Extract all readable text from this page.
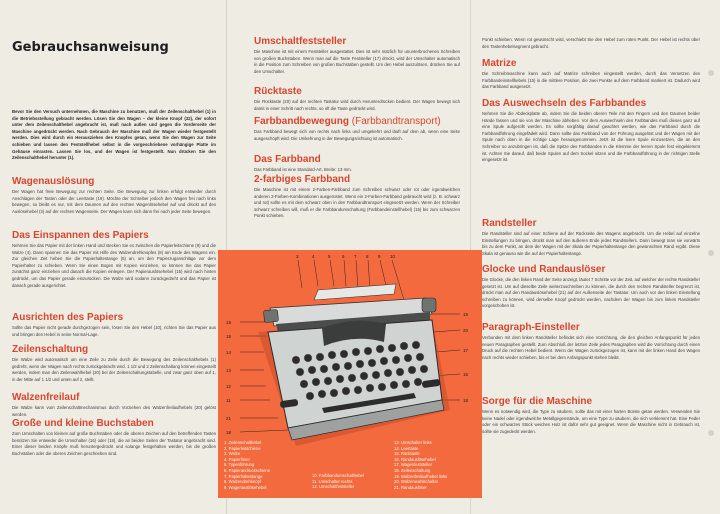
Gebrauchsanweisung

Bevor Sie den Versuch unternehmen, die Maschine zu benutzen, muß der Zeilenschalthebel (1) in die Betriebsstellung gebracht werden. Lösen Sie den Wagen – der kleine Knopf (32), der sofort unter dem Zeilenschalthebel angebracht ist, muß nach außen und gegen die Vorderseite der Maschine angedrückt werden. Nach Gebrauch der Maschine muß der Wagen wieder festgestellt werden. Dies wird durch ein Herausziehen des Knopfes getan, wenn Sie den Wagen zur Seite schieben und lassen den Feststellhebel selbst in die vorgeschriebene vorhängige Platte im Gehäuse einrasten. Lassen Sie los, und der Wagen ist festgestellt. Nun drücken Sie den Zeilenschalthebel herunter (1).

Wagenauslösung

Der Wagen hat freie Bewegung zur rechten Seite. Die Bewegung zur linken erfolgt entweder durch Anschlagen der Tasten oder der Leertaste (19). Möchte der Schreiber jedoch den Wagen frei nach links bewegen, so bleibt es nur, mit dem Daumen auf den rechten Wagenlösehebel auf und drückt auf den Auslösehebel (3) auf der rechten Wagenseite. Der Wagen kann sich dann frei nach jeder Seite bewegen.

Das Einspannen des Papiers

Nehmen Sie das Papier mit der linken Hand und stecken Sie es zwischen die Papierleitschiene (9) und die Walze (4). Dann spannen Sie das Papier mit Hilfe des Walzendrehknopfes (8) am Ende des Wagens ein. Zur gleichen Zeit heben Sie die Papierhaltestange (5) an, um den Papierzuganschläge vor dem Papierhalter zu schieben. Wenn Sie einen Bogen mit Kopien einziehen, so können Sie das Papier zunächst ganz einziehen und danach die Kopien einlegen. Der Papierauslösehebel (15) wird nach hinten gedrückt, um das Papier gerade einzurücken. Die Walze wird sodann zurückgedreht und das Papier ist danach gerade ausgerichtet.

Ausrichten des Papiers

Sollte das Papier nicht gerade durchgezogen sein, lösen Sie den Hebel (10), richten Sie das Papier aus und bringen den Hebel in seine Normal-Lage.

Zeilenschaltung

Die Walze wird automatisch um eine Zeile zu Zeile durch die Bewegung des Zeilenschalthebels (1) gedreht, wenn der Wagen nach rechts zurückgebracht wird. 1 1/2 und 2 Zeilenschaltung können eingestellt werden, indem man den Zeilenwahlhebel (20) bei der Zeilenschaltungstabelle, und zwar ganz oben auf 1, in der Mitte auf 1 1/2 und unten auf 2, stellt.

Walzenfreilauf

Die Walze kann vom Zeilenschaltmechanismus durch Vorziehen des Walzenfreilaufhebels (20) gelöst werden.

Große und kleine Buchstaben

Zum Umschalten von kleinen auf große Buchstaben oder die oberen Zeichen auf den betreffenden Tasten benützen Sie entweder die Umschalter (16) oder (18), die an beiden Seiten der Tastatur angebracht sind. Einer dieser beiden Knöpfe muß heruntergedrückt und solange festgehalten werden, bis die großen Buchstaben oder die oberen Zeichen geschrieben sind.

Umschaltfeststeller

Die Maschine ist mit einem Feststeller ausgestattet. Dies ist sehr nützlich für ununterbrochenes Schreiben von großen Buchstaben. Wenn man auf die Taste Feststeller (17) drückt, wird der Umschalter automatisch in die Position zum Schreiben von großen Buchstaben gestellt. Um den Hebel auszulösen, drücken Sie auf den Umschalter.

Rücktaste

Die Rücktaste (20) auf der rechten Tastatur wird durch Herunterdrücken bedient. Der Wagen bewegt sich damit in einer Schritt nach rechts, so oft die Taste gedrückt wird.

Farbbandbewegung (Farbbandtransport)

Das Farbband bewegt sich von rechts nach links und umgekehrt und läuft auf dem ab, wenn eine Seite ausgeschöpft wird. Die Umkehrung in der Bewegungsrichtung ist automatisch.

Das Farbband

Das Farbband ist eine Standard-Art, Breite: 13 mm.

2-farbiges Farbband

Die Maschine ist mit einem 2-Farben-Farbband zum Schreiben schwarz oder rot oder irgendwelchen anderen 2-Farben-Kombinationen ausgerüstet. Wenn ein 2-Farben-Farbband gebraucht wird (z. B. schwarz und rot) sollte es mit dem schwarz oben in den Farbbandtransport eingesetzt werden. Wenn der Schreiber schwarz schreiben will, muß er die Farbbandumschaltung (Farbbandeinstellhebel) (15) bis zum schwarzen Punkt schieben.

3	4	5	6 7 8 9 10
18
15
14
13
12
11
21
18
19
20
17
16
18
1. Zeilenschalthebel
2. Papierleitschiene
3. Walze
4. Papierlöser
5. Typenführung
6. Papierandruckschiene
7. Papierhaltestange
8. Walzendrehknopf
9. Wagenauslösehebel
10. Farbbandumschalthebel
11. Umschalter rechts
12. Umschaltfeststeller
13. Umschalter links
14. Leertaste
15. Rücktaste
16. Randauslösehebel
17. Wagenfeststeller
18. Zeilenschaltung
19. Walzenfreilaufhebel links
20. Walzenwahlschalter
21. Randauslöser

Punkt schieben. Wenn rot gewünscht wird, verschiebt Sie den Hebel zum roten Punkt. Der Hebel ist rechts über den Tastenhebelsegment gebracht.

Matrize

Die Schreibmaschine kann auch auf Matrize schreiben eingestellt werden, durch das Versetzen des Farbbandeinstellhebels (15) in die mittlere Position, die zwei Punkte auf dem Farbband markiert ist. Dadurch wird das Farbband ausgesetzt.

Das Auswechseln des Farbbandes

Nehmen Sie die Abdeckplatte ab, indem Sie die beiden oberen Teile mit den Fingern und den Daumen beider Hände fassen und sie von der Maschine abheben. Vor dem Auswechseln des Farbbandes muß dieses ganz auf eine Spule aufgerollt werden. Es sollte sorgfältig darauf geachtet werden, wie das Farbband durch die Farbbandführung eingefädelt wird. Dann sollte das Farbband von der Führung ausgelöst und der Wagen mit der Spule nach oben in die richtige Lage herausgenommen. Jetzt ist die leere Spule einzusetzen, die an den Schreiber so anzubringen ist, daß die Spitze des Farbbandes in die Klemme der leeren Spule fest eingeklemmt ist. Achten Sie darauf, daß beide Spulen auf dem Sockel sitzen und die Farbbandführung in der richtigen Stelle eingesetzt ist.

Randsteller

Die Randsteller sind auf einer Schiene auf der Rückseite des Wagens angebracht. Um die Hebel auf einzelne Einstellungen zu bringen, drückt man auf den äußeren Ende jedes Randstellers. Dann bewegt man sie vorwärts bis zu dem Punkt, an dem der Wagen mit der Skala der Papierhaltestange den gewünschten Rand ergibt. Diese Skala ist genauso wie die auf der Papierhaltestange.

Glocke und Randauslöser

Die Glocke, die den linken Rand der Seite anzeigt, läutet 7 Schritte vor der Zeit, auf welcher der rechte Randsteller gesetzt ist. Um auf dieselbe Zeile weiterzuschreiben zu können, die durch den rechten Randsteller begrenzt ist, drückt man auf den Randauslösehebel (21) auf der Außenseite der Tastatur. Um auch vor den linken Einstellung schreiben zu können, wird derselbe Knopf gedrückt werden, nachdem der Wagen bis zum linken Randsteller vorgeschoben ist.

Paragraph-Einsteller

Verbunden mit dem linken Randsteller befindet sich eine Vorrichtung, die den gleichen Anfangspunkt für jeden neuen Paragraphen gestellt. Zum Abschluß der letzten Zeile jedes Paragraphen wird die Vorrichtung durch einen Druck auf die rechten Hebel bedient. Wenn der Wagen zurückgezogen ist, kann mit der linken Hand den Wagen nach rechts wieder schieben, bis er bei dem Anfangspunkt stehen bleibt.

Sorge für die Maschine

Wenn es notwendig wird, die Type zu säubern, sollte das mit einer harten Bürste getan werden. Verwenden Sie keine Nadel oder irgendwelche Metallgegenstände, um eine Type zu säubern, die sich verklemmt hat. Eine Feder oder ein schwarzes Stück weiches Holz ist dafür sehr gut geeignet. Wenn die Maschine nicht in Gebrauch ist, sollte sie zugedeckt werden.
